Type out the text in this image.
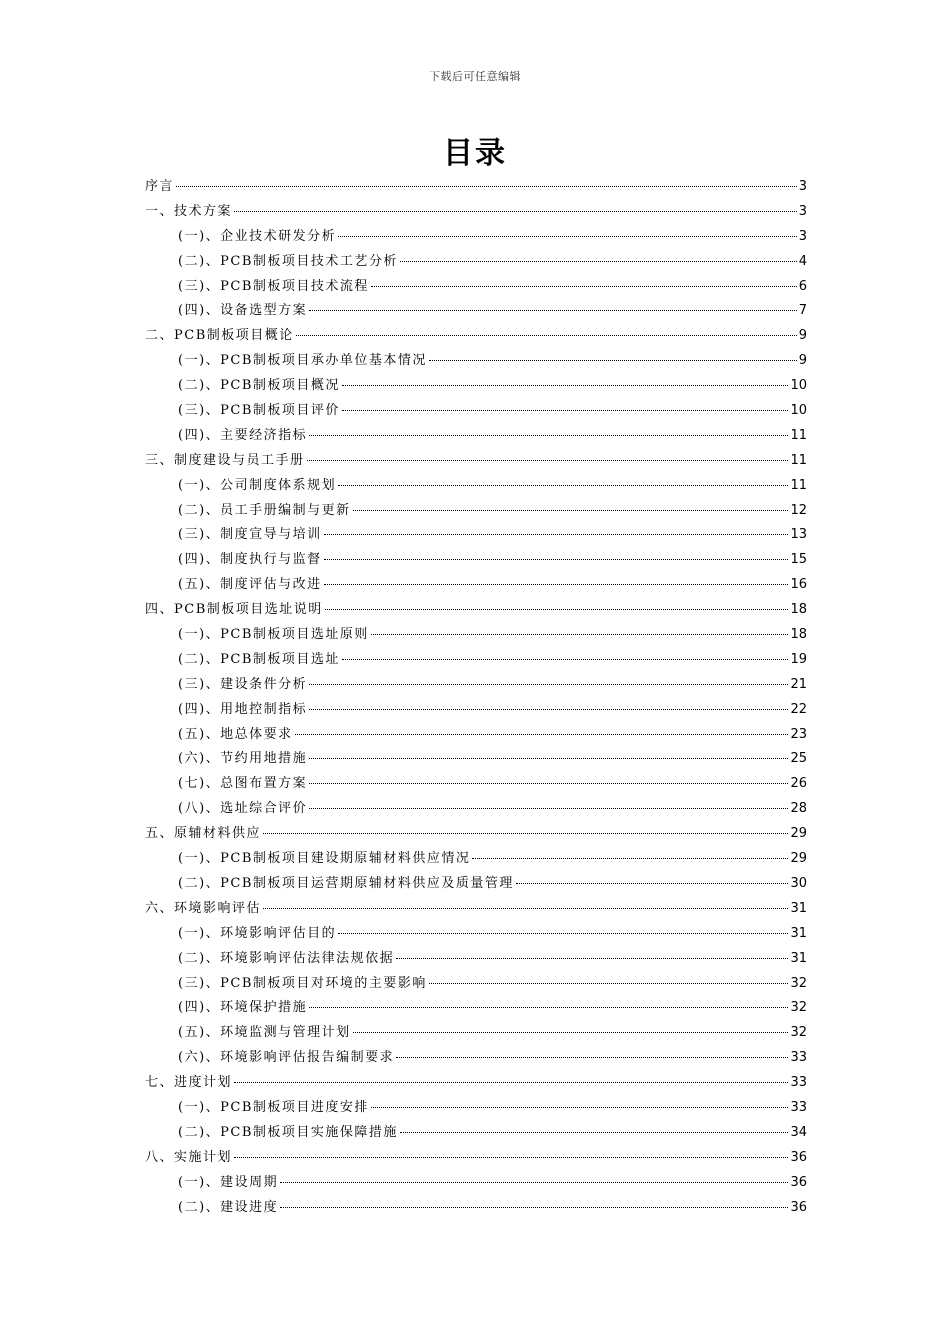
下载后可任意编辑
目录
序言	3
一、技术方案	3
(一)、企业技术研发分析	3
(二)、PCB制板项目技术工艺分析	4
(三)、PCB制板项目技术流程	6
(四)、设备选型方案	7
二、PCB制板项目概论	9
(一)、PCB制板项目承办单位基本情况	9
(二)、PCB制板项目概况	10
(三)、PCB制板项目评价	10
(四)、主要经济指标	11
三、制度建设与员工手册	11
(一)、公司制度体系规划	11
(二)、员工手册编制与更新	12
(三)、制度宣导与培训	13
(四)、制度执行与监督	15
(五)、制度评估与改进	16
四、PCB制板项目选址说明	18
(一)、PCB制板项目选址原则	18
(二)、PCB制板项目选址	19
(三)、建设条件分析	21
(四)、用地控制指标	22
(五)、地总体要求	23
(六)、节约用地措施	25
(七)、总图布置方案	26
(八)、选址综合评价	28
五、原辅材料供应	29
(一)、PCB制板项目建设期原辅材料供应情况	29
(二)、PCB制板项目运营期原辅材料供应及质量管理	30
六、环境影响评估	31
(一)、环境影响评估目的	31
(二)、环境影响评估法律法规依据	31
(三)、PCB制板项目对环境的主要影响	32
(四)、环境保护措施	32
(五)、环境监测与管理计划	32
(六)、环境影响评估报告编制要求	33
七、进度计划	33
(一)、PCB制板项目进度安排	33
(二)、PCB制板项目实施保障措施	34
八、实施计划	36
(一)、建设周期	36
(二)、建设进度	36
